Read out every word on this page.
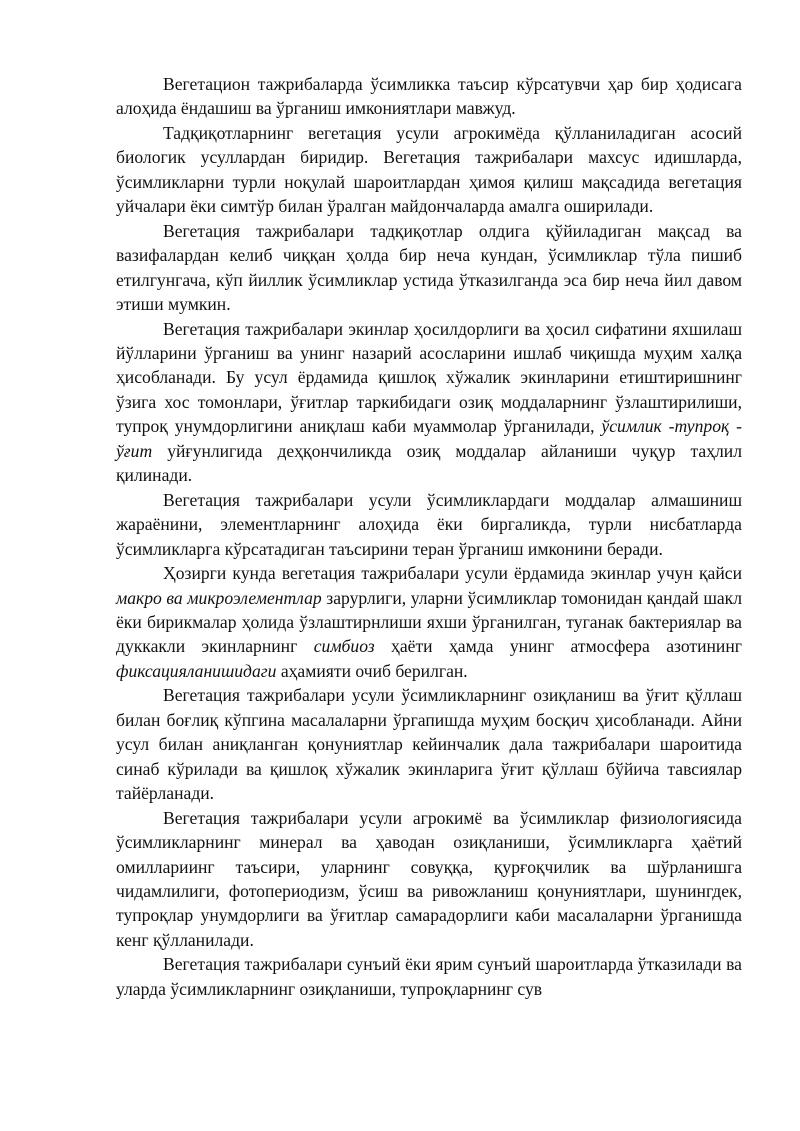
Вегетацион тажрибаларда ўсимликка таъсир кўрсатувчи ҳар бир ҳодисага алоҳида ёндашиш ва ўрганиш имкониятлари мавжуд.

Тадқиқотларнинг вегетация усули агрокимёда қўлланиладиган асосий биологик усуллардан биридир. Вегетация тажрибалари махсус идишларда, ўсимликларни турли ноқулай шароитлардан ҳимоя қилиш мақсадида вегетация уйчалари ёки симтўр билан ўралган майдончаларда амалга оширилади.

Вегетация тажрибалари тадқиқотлар олдига қўйиладиган мақсад ва вазифалардан келиб чиққан ҳолда бир неча кундан, ўсимликлар тўла пишиб етилгунгача, кўп йиллик ўсимликлар устида ўтказилганда эса бир неча йил давом этиши мумкин.

Вегетация тажрибалари экинлар ҳосилдорлиги ва ҳосил сифатини яхшилаш йўлларини ўрганиш ва унинг назарий асосларини ишлаб чиқишда муҳим халқа ҳисобланади. Бу усул ёрдамида қишлоқ хўжалик экинларини етиштиришнинг ўзига хос томонлари, ўғитлар таркибидаги озиқ моддаларнинг ўзлаштирилиши, тупроқ унумдорлигини аниқлаш каби муаммолар ўрганилади, ўсимлик -тупроқ - ўғит уйғунлигида деҳқончиликда озиқ моддалар айланиши чуқур таҳлил қилинади.

Вегетация тажрибалари усули ўсимликлардаги моддалар алмашиниш жараёнини, элементларнинг алоҳида ёки биргаликда, турли нисбатларда ўсимликларга кўрсатадиган таъсирини теран ўрганиш имконини беради.

Ҳозирги кунда вегетация тажрибалари усули ёрдамида экинлар учун қайси макро ва микроэлементлар зарурлиги, уларни ўсимликлар томонидан қандай шакл ёки бирикмалар ҳолида ўзлаштирнлиши яхши ўрганилган, туганак бактериялар ва дуккакли экинларнинг симбиоз ҳаёти ҳамда унинг атмосфера азотининг фиксацияланишидаги аҳамияти очиб берилган.

Вегетация тажрибалари усули ўсимликларнинг озиқланиш ва ўғит қўллаш билан боғлиқ кўпгина масалаларни ўргапишда муҳим босқич ҳисобланади. Айни усул билан аниқланган қонуниятлар кейинчалик дала тажрибалари шароитида синаб кўрилади ва қишлоқ хўжалик экинларига ўғит қўллаш бўйича тавсиялар тайёрланади.

Вегетация тажрибалари усули агрокимё ва ўсимликлар физиологиясида ўсимликларнинг минерал ва ҳаводан озиқланиши, ўсимликларга ҳаётий омиллариинг таъсири, уларнинг совуққа, қурғоқчилик ва шўрланишга чидамлилиги, фотопериодизм, ўсиш ва ривожланиш қонуниятлари, шунингдек, тупроқлар унумдорлиги ва ўғитлар самарадорлиги каби масалаларни ўрганишда кенг қўлланилади.

Вегетация тажрибалари сунъий ёки ярим сунъий шароитларда ўтказилади ва уларда ўсимликларнинг озиқланиши, тупроқларнинг сув
